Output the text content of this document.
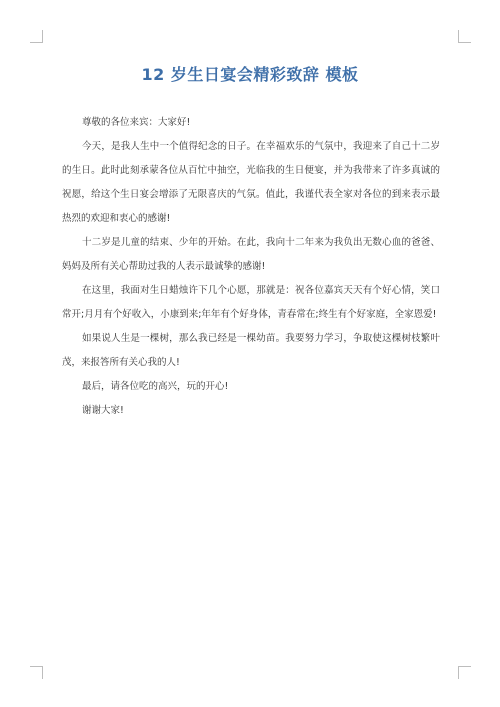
12 岁生日宴会精彩致辞 模板

尊敬的各位来宾：大家好!

今天，是我人生中一个值得纪念的日子。在幸福欢乐的气氛中，我迎来了自己十二岁的生日。此时此刻承蒙各位从百忙中抽空，光临我的生日便宴，并为我带来了许多真诚的祝愿，给这个生日宴会增添了无限喜庆的气氛。值此，我谨代表全家对各位的到来表示最热烈的欢迎和衷心的感谢!

十二岁是儿童的结束、少年的开始。在此，我向十二年来为我负出无数心血的爸爸、妈妈及所有关心帮助过我的人表示最诚挚的感谢!

在这里，我面对生日蜡烛许下几个心愿，那就是：祝各位嘉宾天天有个好心情，笑口常开;月月有个好收入，小康到来;年年有个好身体，青春常在;终生有个好家庭，全家恩爱!

如果说人生是一棵树，那么我已经是一棵幼苗。我要努力学习，争取使这棵树枝繁叶茂，来报答所有关心我的人!

最后，请各位吃的高兴，玩的开心!

谢谢大家!
